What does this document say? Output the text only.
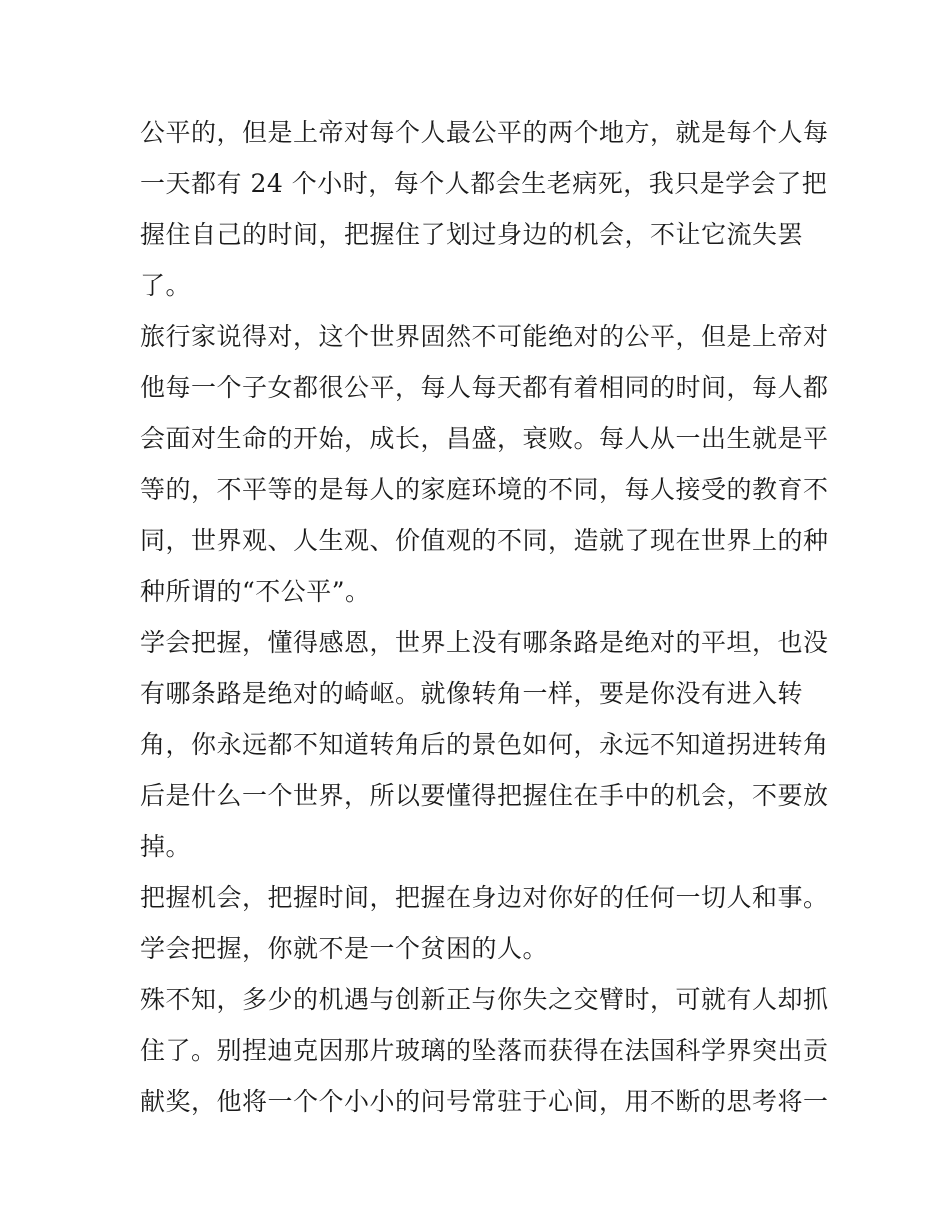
公平的，但是上帝对每个人最公平的两个地方，就是每个人每
一天都有 24 个小时，每个人都会生老病死，我只是学会了把
握住自己的时间，把握住了划过身边的机会，不让它流失罢
了。
旅行家说得对，这个世界固然不可能绝对的公平，但是上帝对
他每一个子女都很公平，每人每天都有着相同的时间，每人都
会面对生命的开始，成长，昌盛，衰败。每人从一出生就是平
等的，不平等的是每人的家庭环境的不同，每人接受的教育不
同，世界观、人生观、价值观的不同，造就了现在世界上的种
种所谓的“不公平”。
学会把握，懂得感恩，世界上没有哪条路是绝对的平坦，也没
有哪条路是绝对的崎岖。就像转角一样，要是你没有进入转
角，你永远都不知道转角后的景色如何，永远不知道拐进转角
后是什么一个世界，所以要懂得把握住在手中的机会，不要放
掉。
把握机会，把握时间，把握在身边对你好的任何一切人和事。
学会把握，你就不是一个贫困的人。
殊不知，多少的机遇与创新正与你失之交臂时，可就有人却抓
住了。别捏迪克因那片玻璃的坠落而获得在法国科学界突出贡
献奖，他将一个个小小的问号常驻于心间，用不断的思考将一
